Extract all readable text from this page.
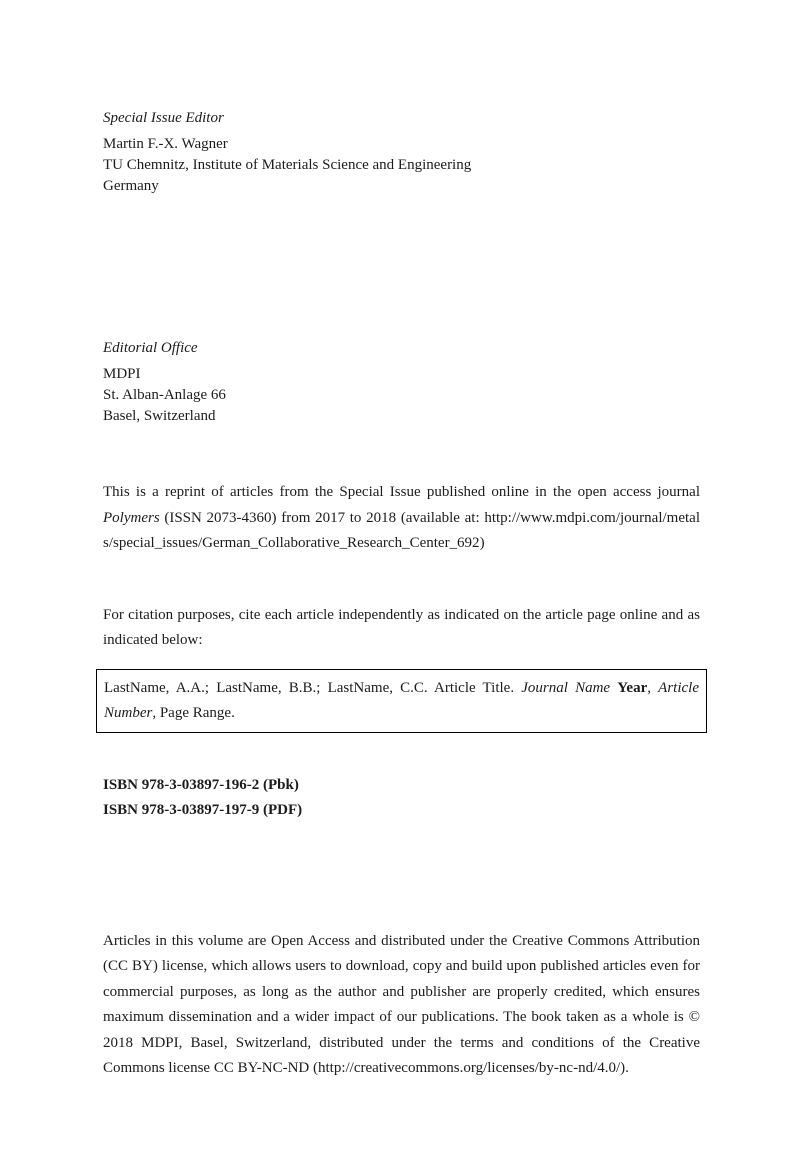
Special Issue Editor

Martin F.-X. Wagner

TU Chemnitz, Institute of Materials Science and Engineering

Germany

Editorial Office

MDPI

St. Alban-Anlage 66

Basel, Switzerland

This is a reprint of articles from the Special Issue published online in the open access journal Polymers (ISSN 2073-4360) from 2017 to 2018 (available at: http://www.mdpi.com/journal/metals/special_issues/German_Collaborative_Research_Center_692)

For citation purposes, cite each article independently as indicated on the article page online and as indicated below:

LastName, A.A.; LastName, B.B.; LastName, C.C. Article Title. Journal Name Year, Article Number, Page Range.

ISBN 978-3-03897-196-2 (Pbk)

ISBN 978-3-03897-197-9 (PDF)

Articles in this volume are Open Access and distributed under the Creative Commons Attribution (CC BY) license, which allows users to download, copy and build upon published articles even for commercial purposes, as long as the author and publisher are properly credited, which ensures maximum dissemination and a wider impact of our publications. The book taken as a whole is © 2018 MDPI, Basel, Switzerland, distributed under the terms and conditions of the Creative Commons license CC BY-NC-ND (http://creativecommons.org/licenses/by-nc-nd/4.0/).
